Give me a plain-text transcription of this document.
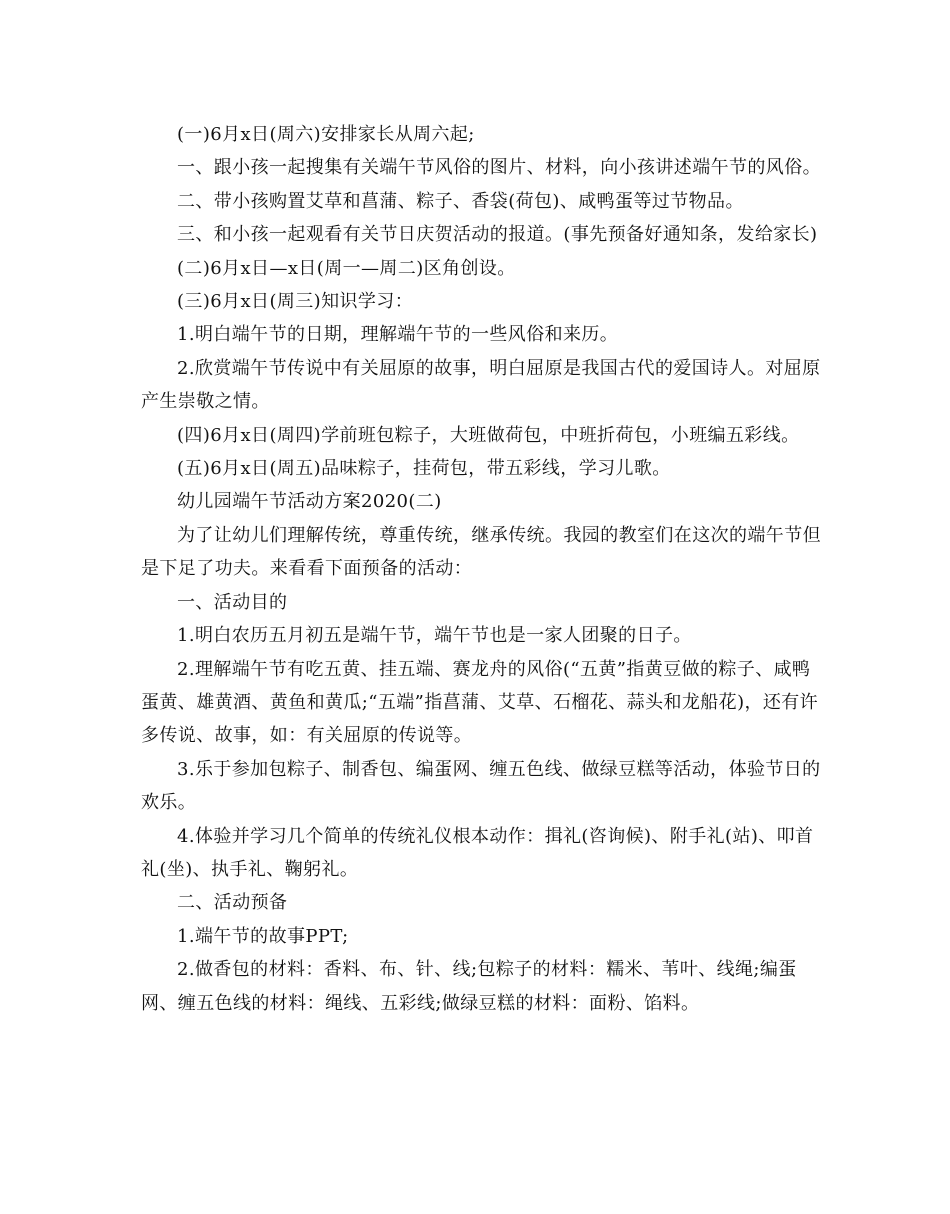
(一)6月x日(周六)安排家长从周六起;

一、跟小孩一起搜集有关端午节风俗的图片、材料，向小孩讲述端午节的风俗。

二、带小孩购置艾草和菖蒲、粽子、香袋(荷包)、咸鸭蛋等过节物品。

三、和小孩一起观看有关节日庆贺活动的报道。(事先预备好通知条，发给家长)

(二)6月x日—x日(周一—周二)区角创设。

(三)6月x日(周三)知识学习：

1.明白端午节的日期，理解端午节的一些风俗和来历。

2.欣赏端午节传说中有关屈原的故事，明白屈原是我国古代的爱国诗人。对屈原产生崇敬之情。

(四)6月x日(周四)学前班包粽子，大班做荷包，中班折荷包，小班编五彩线。

(五)6月x日(周五)品味粽子，挂荷包，带五彩线，学习儿歌。

幼儿园端午节活动方案2020(二)

为了让幼儿们理解传统，尊重传统，继承传统。我园的教室们在这次的端午节但是下足了功夫。来看看下面预备的活动：

一、活动目的

1.明白农历五月初五是端午节，端午节也是一家人团聚的日子。

2.理解端午节有吃五黄、挂五端、赛龙舟的风俗(“五黄”指黄豆做的粽子、咸鸭蛋黄、雄黄酒、黄鱼和黄瓜;“五端”指菖蒲、艾草、石榴花、蒜头和龙船花)，还有许多传说、故事，如：有关屈原的传说等。

3.乐于参加包粽子、制香包、编蛋网、缠五色线、做绿豆糕等活动，体验节日的欢乐。

4.体验并学习几个简单的传统礼仪根本动作：揖礼(咨询候)、附手礼(站)、叩首礼(坐)、执手礼、鞠躬礼。

二、活动预备

1.端午节的故事PPT;

2.做香包的材料：香料、布、针、线;包粽子的材料：糯米、苇叶、线绳;编蛋网、缠五色线的材料：绳线、五彩线;做绿豆糕的材料：面粉、馅料。
